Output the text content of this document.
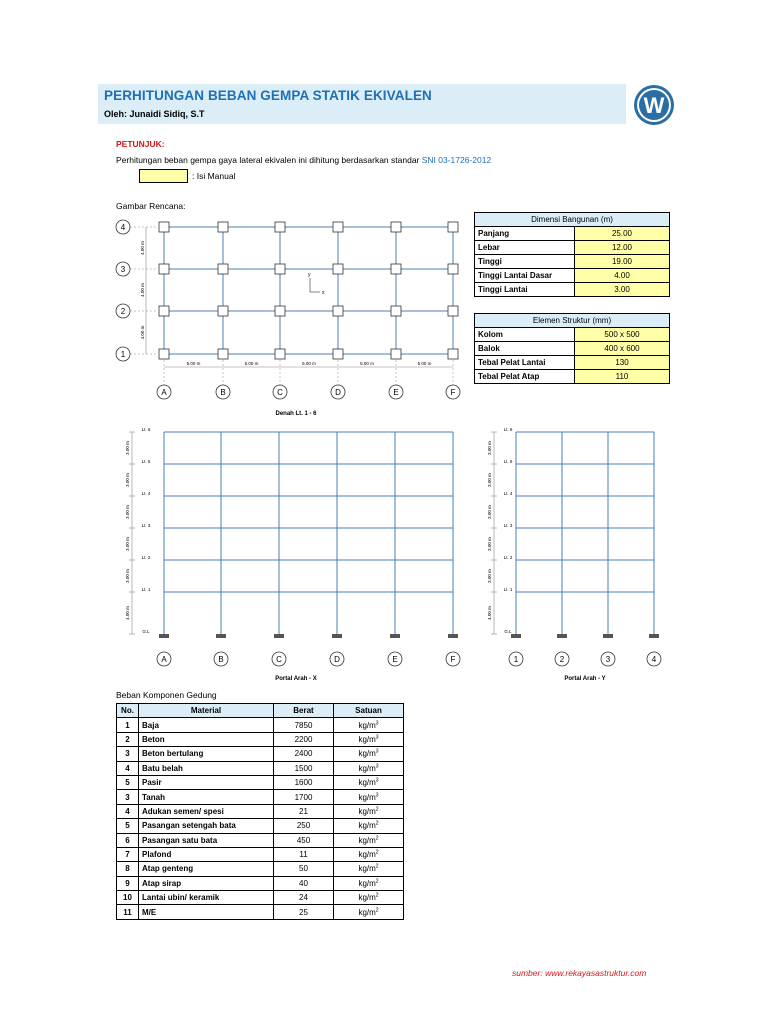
PERHITUNGAN BEBAN GEMPA STATIK EKIVALEN
Oleh: Junaidi Sidiq, S.T	W
PETUNJUK:
Perhitungan beban gempa gaya lateral ekivalen ini dihitung berdasarkan standar SNI 03-1726-2012
: Isi Manual
Gambar Rencana:
4
3
2
1
4.00 m
4.00 m
4.00 m
5.00 m	5.00 m	5.00 m	5.00 m	5.00 m
A	B	C	D	E	F
y
x
Denah Lt. 1 - 6
Dimensi Bangunan (m)	
Panjang	25.00
Lebar	12.00
Tinggi	19.00
Tinggi Lantai Dasar	4.00
Tinggi Lantai	3.00
Elemen Struktur (mm)	
Kolom	500 x 500
Balok	400 x 600
Tebal Pelat Lantai	130
Tebal Pelat Atap	110
Lt. 6
Lt. 5
Lt. 4
Lt. 3
Lt. 2
Lt. 1
G.L
3.00 m
3.00 m
3.00 m
3.00 m
3.00 m
4.00 m
A	B	C	D	E	F
Portal Arah - X
Lt. 6
Lt. 5
Lt. 4
Lt. 3
Lt. 2
Lt. 1
G.L
3.00 m
3.00 m
3.00 m
3.00 m
3.00 m
4.00 m
1	2	3	4
Portal Arah - Y
Beban Komponen Gedung
No.	Material	Berat	Satuan
1	Baja	7850	$kg/m^3$
2	Beton	2200	$kg/m^3$
3	Beton bertulang	2400	$kg/m^3$
4	Batu belah	1500	$kg/m^3$
5	Pasir	1600	$kg/m^3$
3	Tanah	1700	$kg/m^3$
4	Adukan semen/ spesi	21	$kg/m^2$
5	Pasangan setengah bata	250	$kg/m^2$
6	Pasangan satu bata	450	$kg/m^2$
7	Plafond	11	$kg/m^2$
8	Atap genteng	50	$kg/m^2$
9	Atap sirap	40	$kg/m^2$
10	Lantai ubin/ keramik	24	$kg/m^2$
11	M/E	25	$kg/m^2$
sumber: www.rekayasastruktur.com
